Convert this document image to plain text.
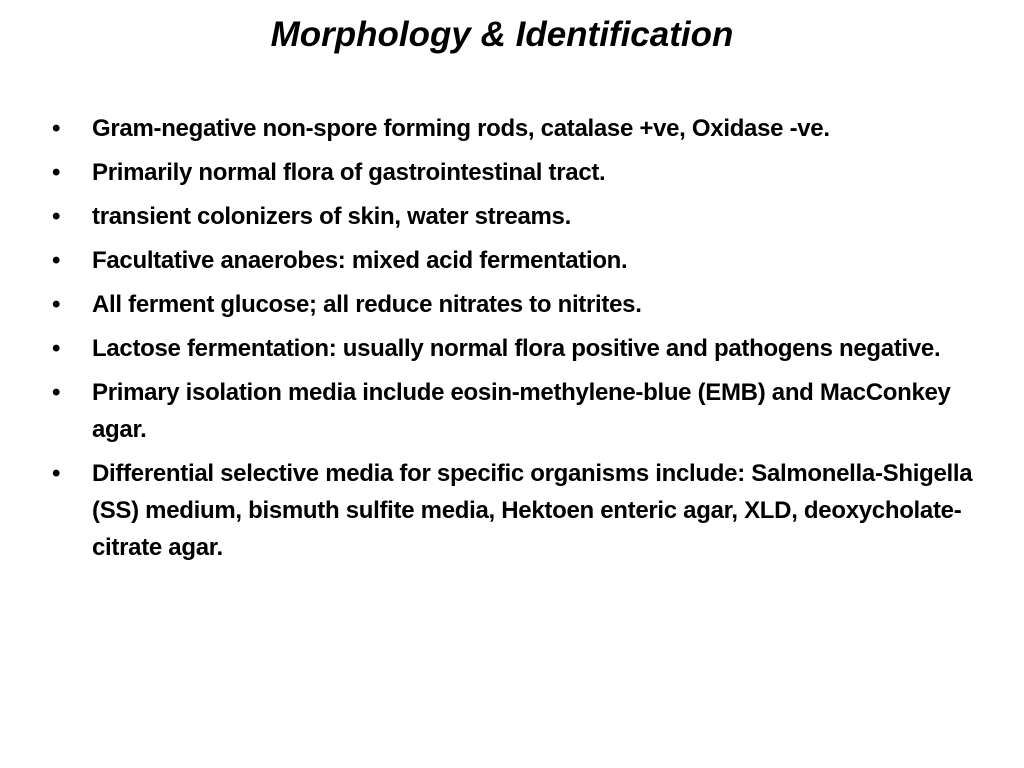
Morphology & Identification
•	Gram-negative non-spore forming rods, catalase +ve, Oxidase -ve.
•	Primarily normal flora of gastrointestinal tract.
•	transient colonizers of skin, water streams.
•	Facultative anaerobes: mixed acid fermentation.
•	All ferment glucose; all reduce nitrates to nitrites.
•	Lactose fermentation: usually normal flora positive and pathogens negative.
•	Primary isolation media include eosin-methylene-blue (EMB) and MacConkey agar.
•	Differential selective media for specific organisms include: Salmonella-Shigella (SS) medium, bismuth sulfite media, Hektoen enteric agar, XLD, deoxycholate-citrate agar.
